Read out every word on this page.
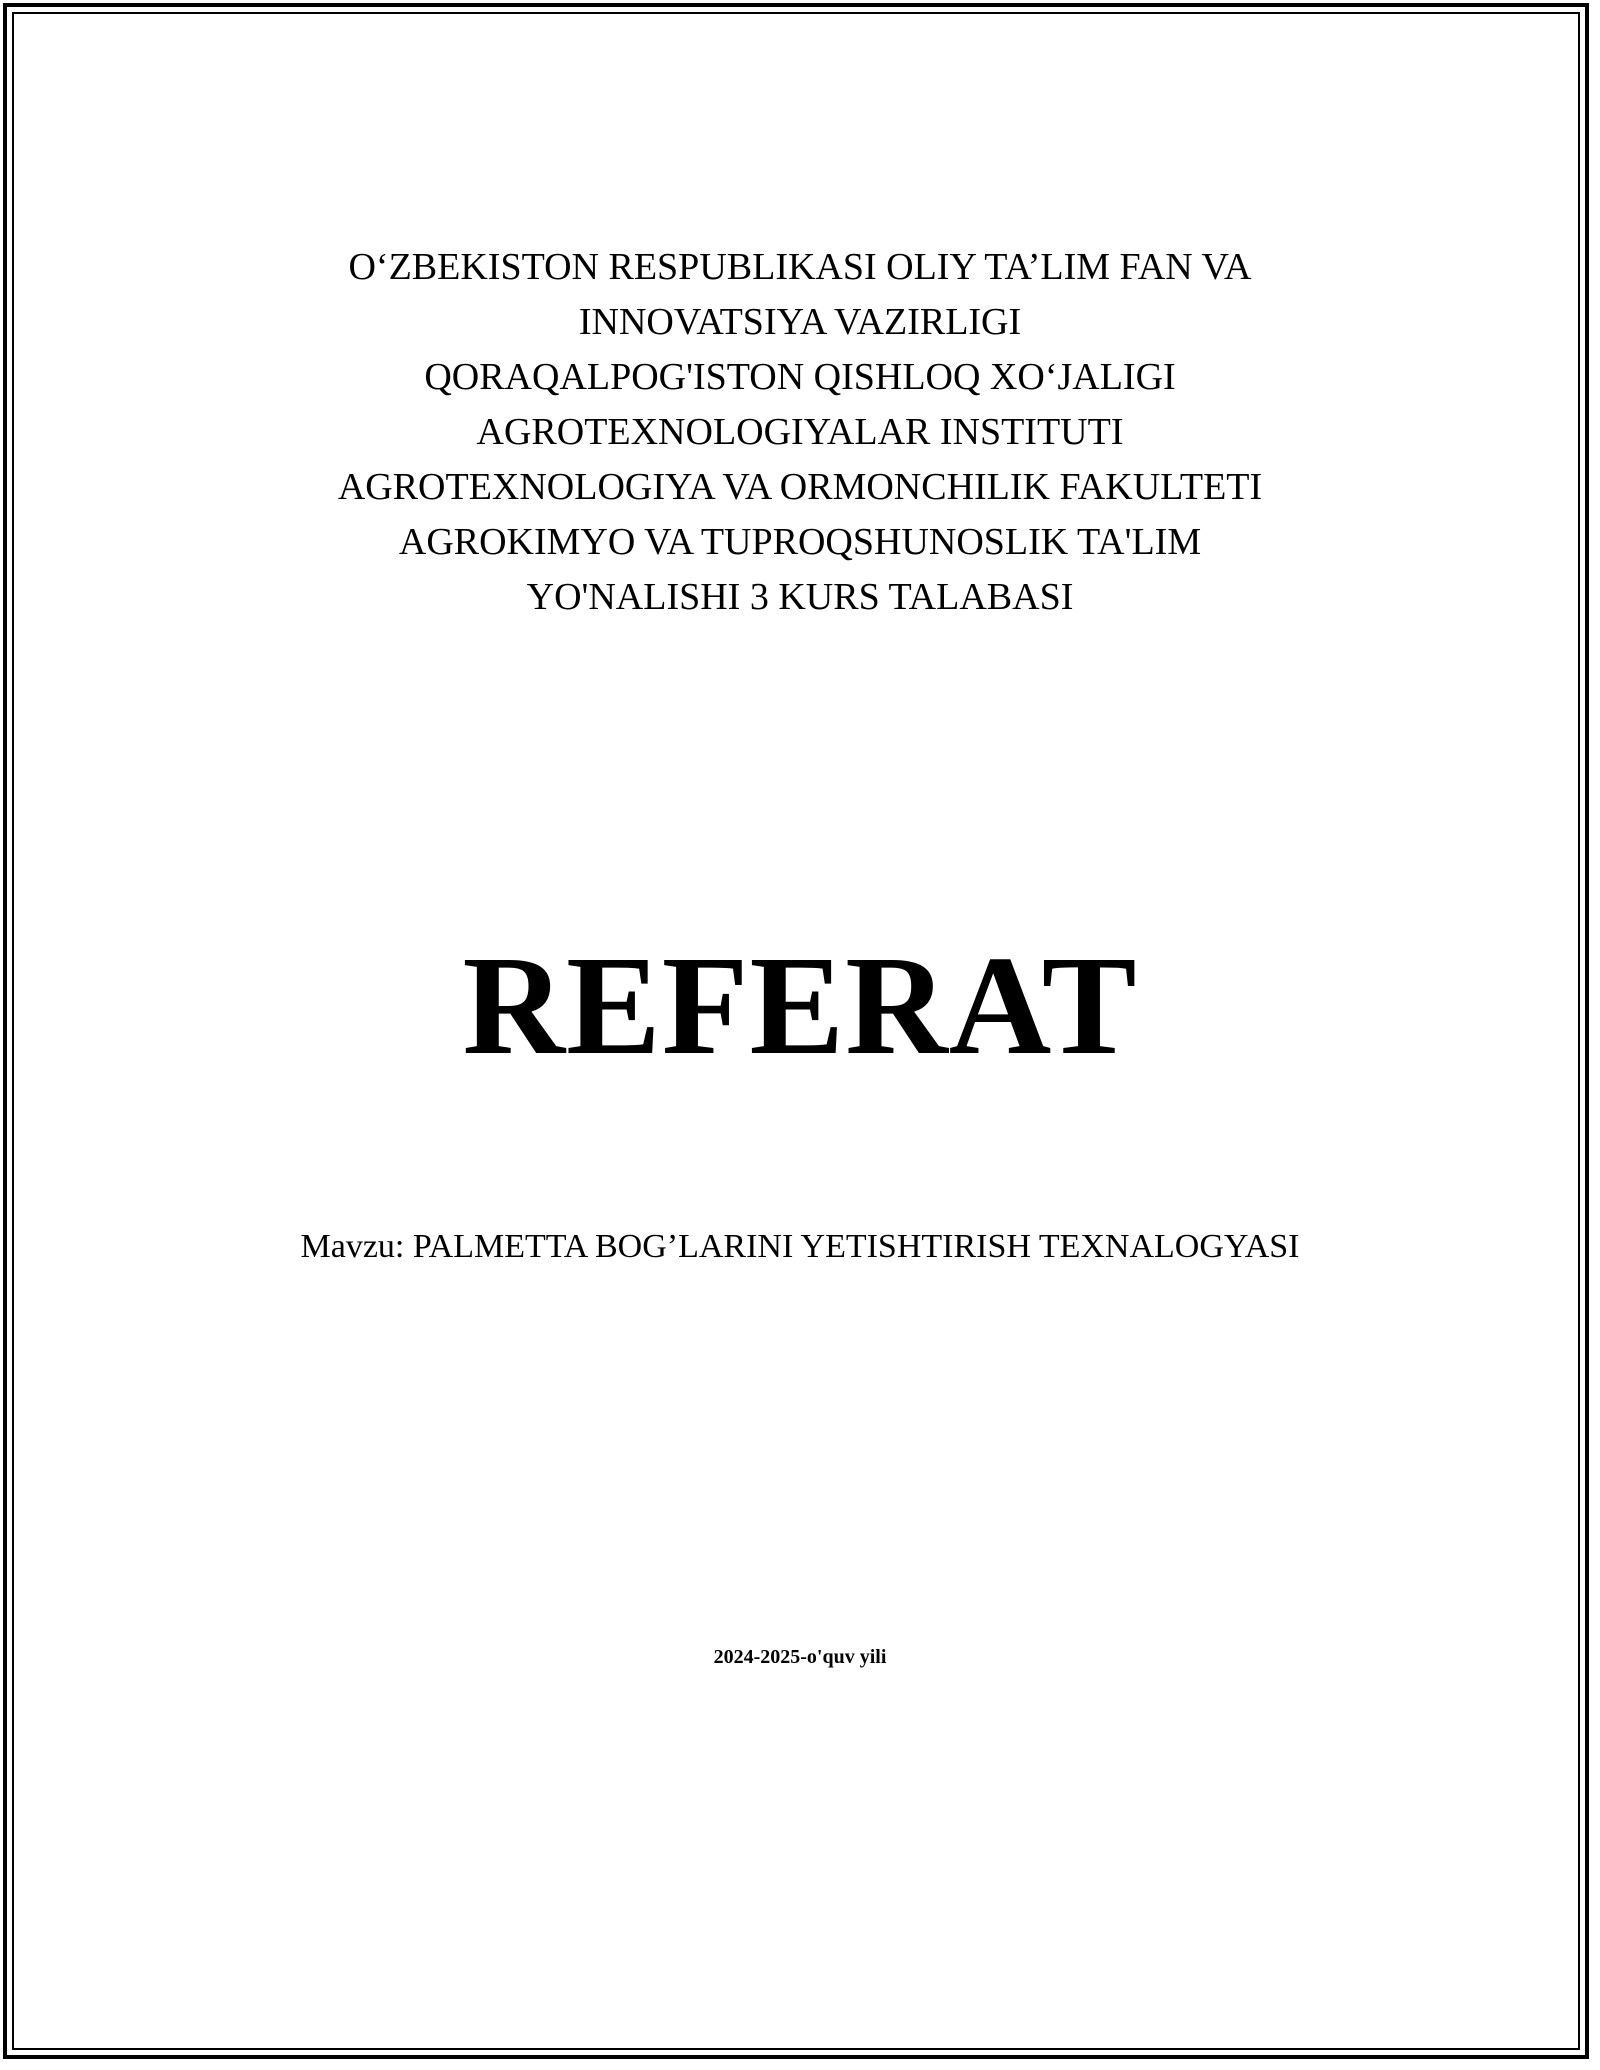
O‘ZBEKISTON RESPUBLIKASI OLIY TA’LIM FAN VA
INNOVATSIYA VAZIRLIGI
QORAQALPOG'ISTON QISHLOQ XO‘JALIGI
AGROTEXNOLOGIYALAR INSTITUTI
AGROTEXNOLOGIYA VA ORMONCHILIK FAKULTETI
AGROKIMYO VA TUPROQSHUNOSLIK TA'LIM
YO'NALISHI 3 KURS TALABASI
REFERAT
Mavzu: PALMETTA BOG’LARINI YETISHTIRISH TEXNALOGYASI
2024-2025-o'quv yili
